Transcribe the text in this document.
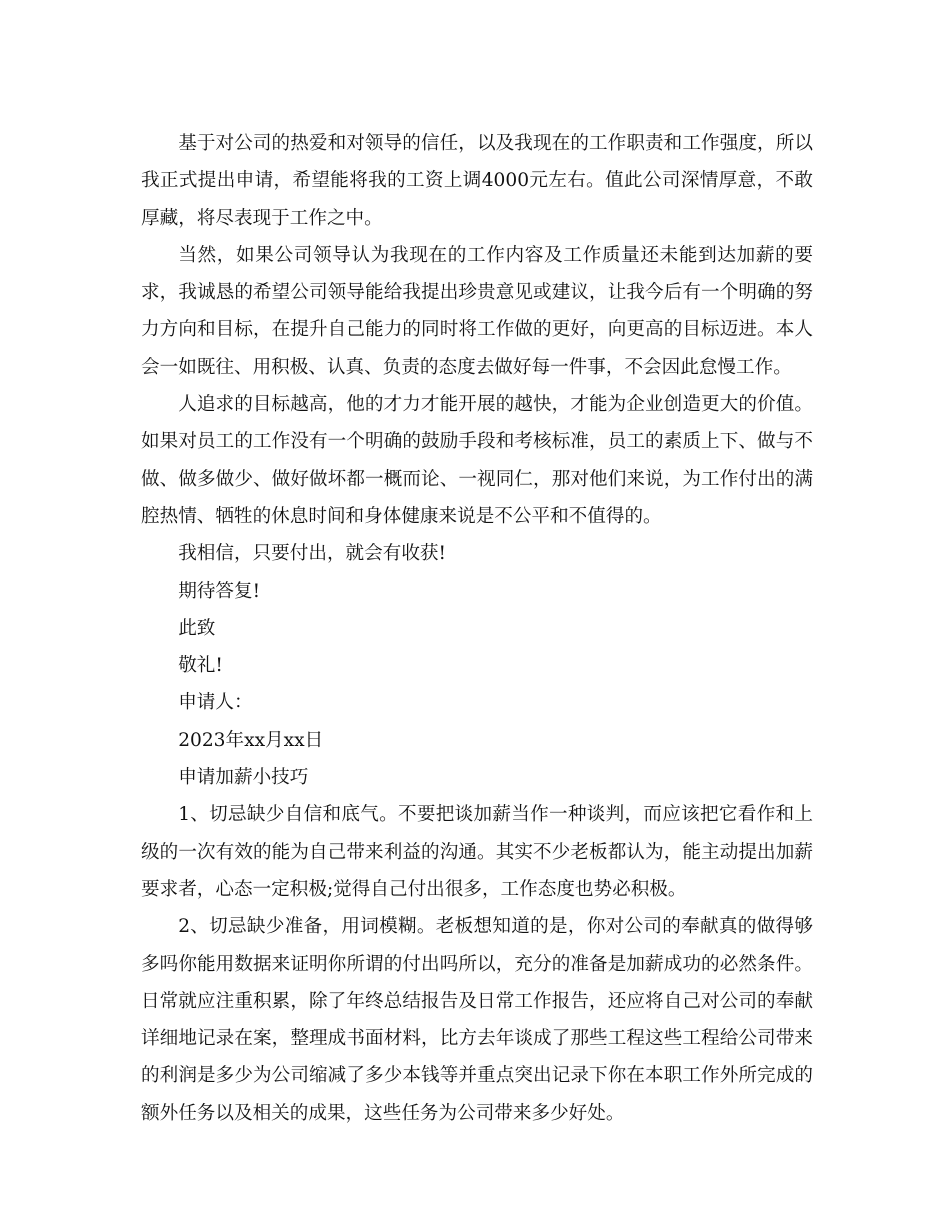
基于对公司的热爱和对领导的信任，以及我现在的工作职责和工作强度，所以我正式提出申请，希望能将我的工资上调4000元左右。值此公司深情厚意，不敢厚藏，将尽表现于工作之中。

当然，如果公司领导认为我现在的工作内容及工作质量还未能到达加薪的要求，我诚恳的希望公司领导能给我提出珍贵意见或建议，让我今后有一个明确的努力方向和目标，在提升自己能力的同时将工作做的更好，向更高的目标迈进。本人会一如既往、用积极、认真、负责的态度去做好每一件事，不会因此怠慢工作。

人追求的目标越高，他的才力才能开展的越快，才能为企业创造更大的价值。如果对员工的工作没有一个明确的鼓励手段和考核标准，员工的素质上下、做与不做、做多做少、做好做坏都一概而论、一视同仁，那对他们来说，为工作付出的满腔热情、牺牲的休息时间和身体健康来说是不公平和不值得的。

我相信，只要付出，就会有收获!

期待答复!

此致

敬礼!

申请人：

2023年xx月xx日

申请加薪小技巧

1、切忌缺少自信和底气。不要把谈加薪当作一种谈判，而应该把它看作和上级的一次有效的能为自己带来利益的沟通。其实不少老板都认为，能主动提出加薪要求者，心态一定积极;觉得自己付出很多，工作态度也势必积极。

2、切忌缺少准备，用词模糊。老板想知道的是，你对公司的奉献真的做得够多吗你能用数据来证明你所谓的付出吗所以，充分的准备是加薪成功的必然条件。日常就应注重积累，除了年终总结报告及日常工作报告，还应将自己对公司的奉献详细地记录在案，整理成书面材料，比方去年谈成了那些工程这些工程给公司带来的利润是多少为公司缩减了多少本钱等并重点突出记录下你在本职工作外所完成的额外任务以及相关的成果，这些任务为公司带来多少好处。
